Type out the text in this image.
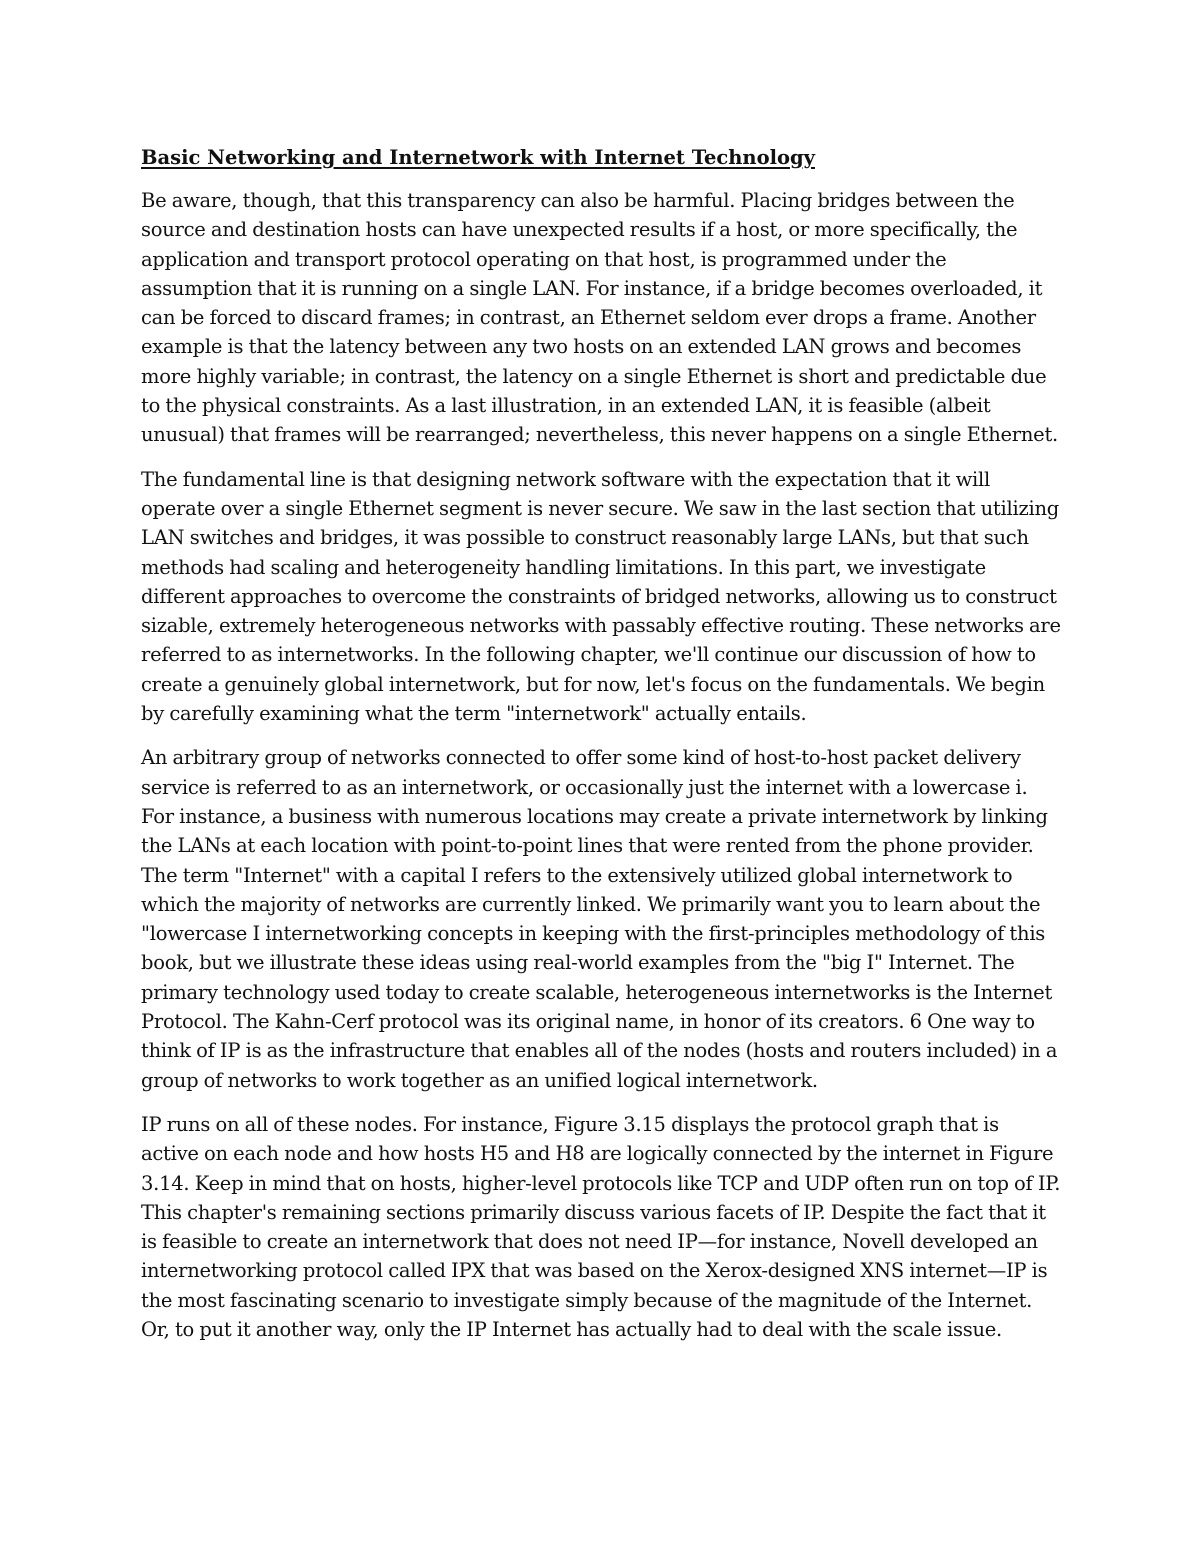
Basic Networking and Internetwork with Internet Technology

Be aware, though, that this transparency can also be harmful. Placing bridges between the source and destination hosts can have unexpected results if a host, or more specifically, the application and transport protocol operating on that host, is programmed under the assumption that it is running on a single LAN. For instance, if a bridge becomes overloaded, it can be forced to discard frames; in contrast, an Ethernet seldom ever drops a frame. Another example is that the latency between any two hosts on an extended LAN grows and becomes more highly variable; in contrast, the latency on a single Ethernet is short and predictable due to the physical constraints. As a last illustration, in an extended LAN, it is feasible (albeit unusual) that frames will be rearranged; nevertheless, this never happens on a single Ethernet.

The fundamental line is that designing network software with the expectation that it will operate over a single Ethernet segment is never secure. We saw in the last section that utilizing LAN switches and bridges, it was possible to construct reasonably large LANs, but that such methods had scaling and heterogeneity handling limitations. In this part, we investigate different approaches to overcome the constraints of bridged networks, allowing us to construct sizable, extremely heterogeneous networks with passably effective routing. These networks are referred to as internetworks. In the following chapter, we'll continue our discussion of how to create a genuinely global internetwork, but for now, let's focus on the fundamentals. We begin by carefully examining what the term "internetwork" actually entails.

An arbitrary group of networks connected to offer some kind of host-to-host packet delivery service is referred to as an internetwork, or occasionally just the internet with a lowercase i. For instance, a business with numerous locations may create a private internetwork by linking the LANs at each location with point-to-point lines that were rented from the phone provider. The term "Internet" with a capital I refers to the extensively utilized global internetwork to which the majority of networks are currently linked. We primarily want you to learn about the "lowercase I internetworking concepts in keeping with the first-principles methodology of this book, but we illustrate these ideas using real-world examples from the "big I" Internet. The primary technology used today to create scalable, heterogeneous internetworks is the Internet Protocol. The Kahn-Cerf protocol was its original name, in honor of its creators. 6 One way to think of IP is as the infrastructure that enables all of the nodes (hosts and routers included) in a group of networks to work together as an unified logical internetwork.

IP runs on all of these nodes. For instance, Figure 3.15 displays the protocol graph that is active on each node and how hosts H5 and H8 are logically connected by the internet in Figure 3.14. Keep in mind that on hosts, higher-level protocols like TCP and UDP often run on top of IP. This chapter's remaining sections primarily discuss various facets of IP. Despite the fact that it is feasible to create an internetwork that does not need IP—for instance, Novell developed an internetworking protocol called IPX that was based on the Xerox-designed XNS internet—IP is the most fascinating scenario to investigate simply because of the magnitude of the Internet. Or, to put it another way, only the IP Internet has actually had to deal with the scale issue.
